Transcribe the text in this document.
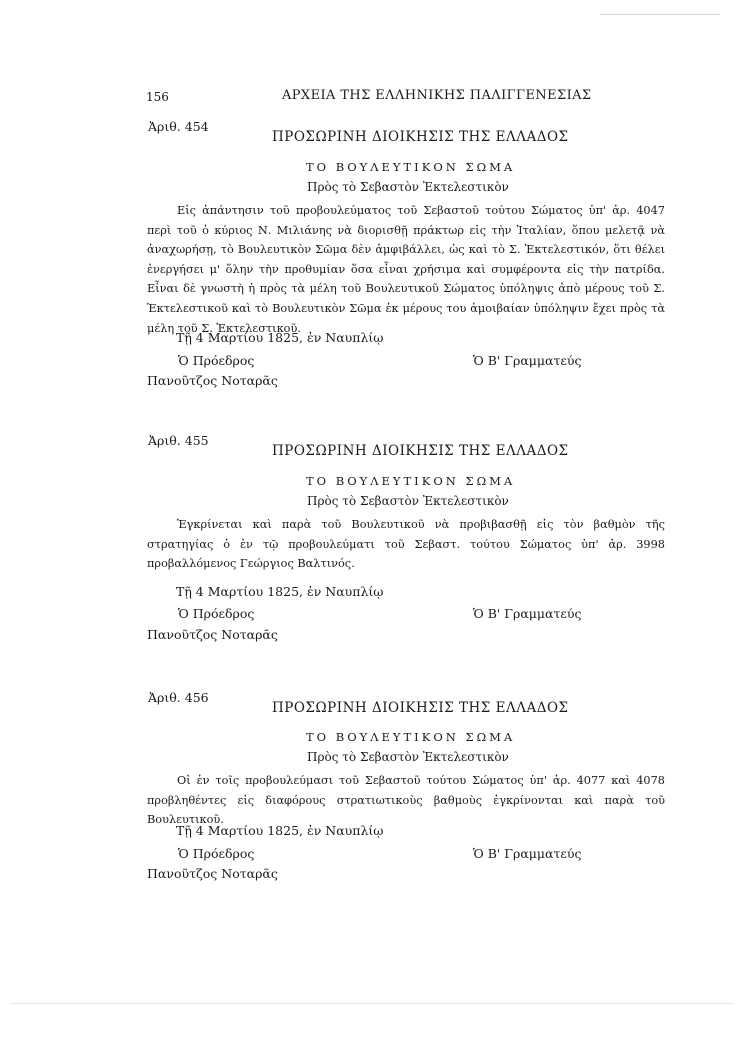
156	ΑΡΧΕΙΑ ΤΗΣ ΕΛΛΗΝΙΚΗΣ ΠΑΛΙΓΓΕΝΕΣΙΑΣ
Ἀριθ. 454
ΠΡΟΣΩΡΙΝΗ ΔΙΟΙΚΗΣΙΣ ΤΗΣ ΕΛΛΑΔΟΣ
ΤΟ ΒΟΥΛΕΥΤΙΚΟΝ ΣΩΜΑ
Πρὸς τὸ Σεβαστὸν Ἐκτελεστικὸν
Εἰς ἀπάντησιν τοῦ προβουλεύματος τοῦ Σεβαστοῦ τούτου Σώματος ὑπ' ἀρ. 4047 περὶ τοῦ ὁ κύριος Ν. Μιλιάνης νὰ διορισθῇ πράκτωρ εἰς τὴν Ἰταλίαν, ὅπου μελετᾷ νὰ ἀναχωρήσῃ, τὸ Βουλευτικὸν Σῶμα δὲν ἀμφιβάλλει, ὡς καὶ τὸ Σ. Ἐκτελεστικόν, ὅτι θέλει ἐνεργήσει μ' ὅλην τὴν προθυμίαν ὅσα εἶναι χρήσιμα καὶ συμφέροντα εἰς τὴν πατρίδα. Εἶναι δὲ γνωστὴ ἡ πρὸς τὰ μέλη τοῦ Βουλευτικοῦ Σώματος ὑπόληψις ἀπὸ μέρους τοῦ Σ. Ἐκτελεστικοῦ καὶ τὸ Βουλευτικὸν Σῶμα ἐκ μέρους του ἀμοιβαίαν ὑπόληψιν ἔχει πρὸς τὰ μέλη τοῦ Σ. Ἐκτελεστικοῦ.
Τῇ 4 Μαρτίου 1825, ἐν Ναυπλίῳ
Ὁ Πρόεδρος	Ὁ Β' Γραμματεύς
Πανοῦτζος Νοταρᾶς
Ἀριθ. 455
ΠΡΟΣΩΡΙΝΗ ΔΙΟΙΚΗΣΙΣ ΤΗΣ ΕΛΛΑΔΟΣ
ΤΟ ΒΟΥΛΕΥΤΙΚΟΝ ΣΩΜΑ
Πρὸς τὸ Σεβαστὸν Ἐκτελεστικὸν
Ἐγκρίνεται καὶ παρὰ τοῦ Βουλευτικοῦ νὰ προβιβασθῇ εἰς τὸν βαθμὸν τῆς στρατηγίας ὁ ἐν τῷ προβουλεύματι τοῦ Σεβαστ. τούτου Σώματος ὑπ' ἀρ. 3998 προβαλλόμενος Γεώργιος Βαλτινός.
Τῇ 4 Μαρτίου 1825, ἐν Ναυπλίῳ
Ὁ Πρόεδρος	Ὁ Β' Γραμματεύς
Πανοῦτζος Νοταρᾶς
Ἀριθ. 456
ΠΡΟΣΩΡΙΝΗ ΔΙΟΙΚΗΣΙΣ ΤΗΣ ΕΛΛΑΔΟΣ
ΤΟ ΒΟΥΛΕΥΤΙΚΟΝ ΣΩΜΑ
Πρὸς τὸ Σεβαστὸν Ἐκτελεστικὸν
Οἱ ἐν τοῖς προβουλεύμασι τοῦ Σεβαστοῦ τούτου Σώματος ὑπ' ἀρ. 4077 καὶ 4078 προβληθέντες εἰς διαφόρους στρατιωτικοὺς βαθμοὺς ἐγκρίνονται καὶ παρὰ τοῦ Βουλευτικοῦ.
Τῇ 4 Μαρτίου 1825, ἐν Ναυπλίῳ
Ὁ Πρόεδρος	Ὁ Β' Γραμματεύς
Πανοῦτζος Νοταρᾶς
